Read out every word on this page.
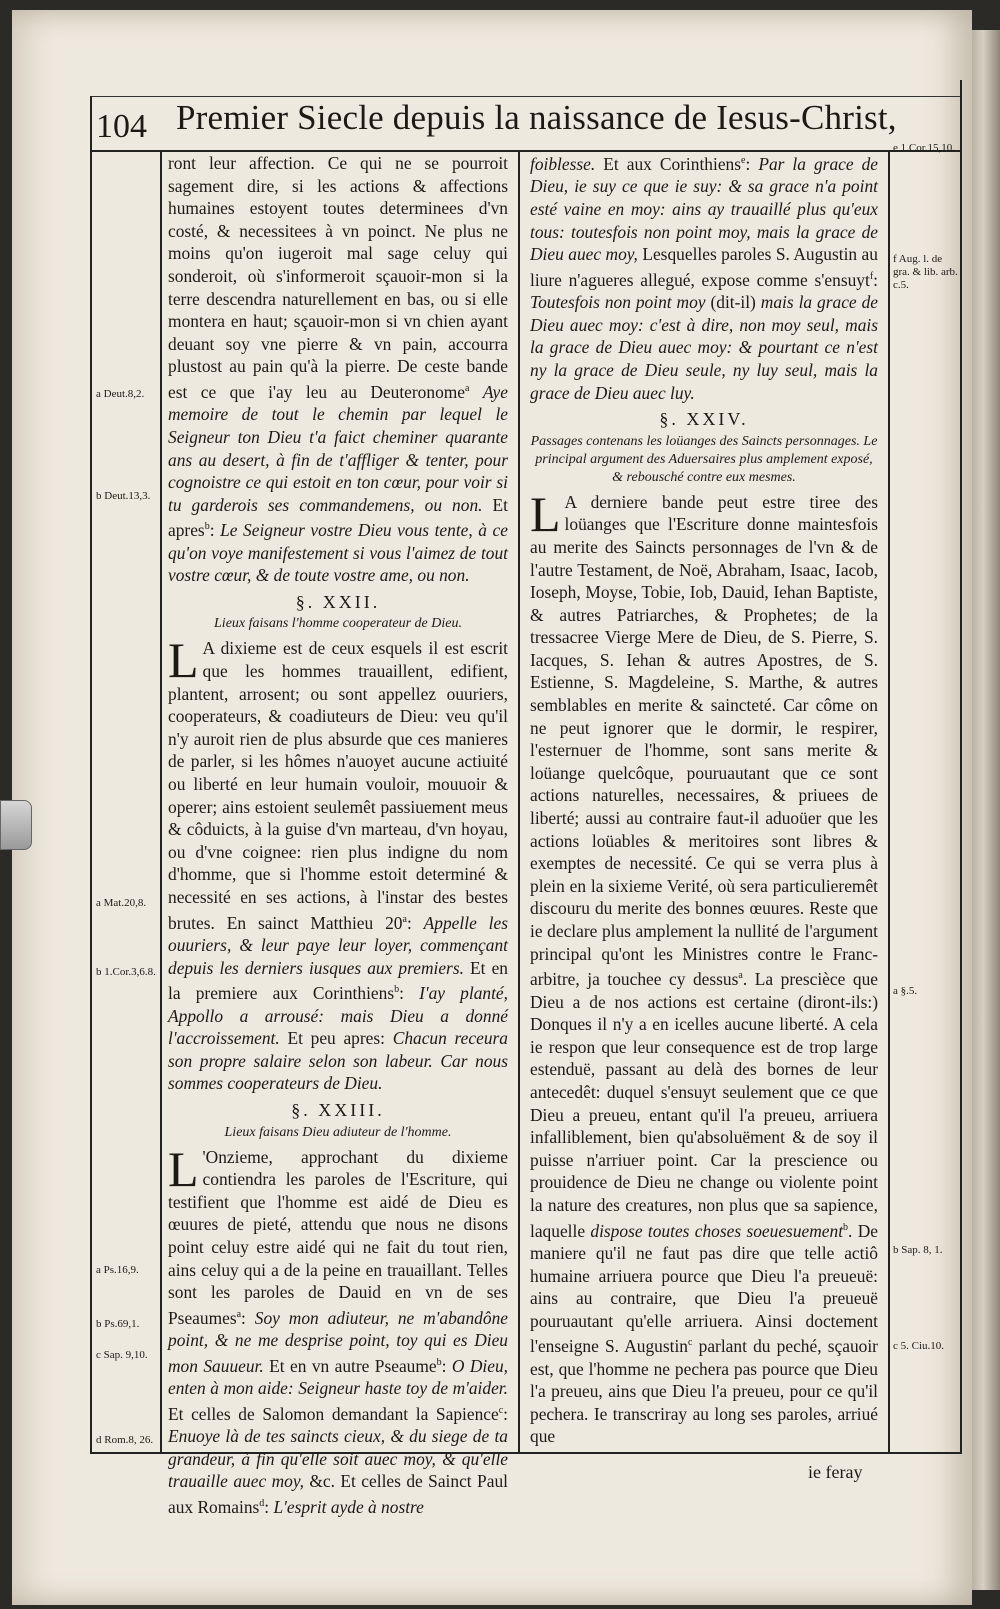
104 Premier Siecle depuis la naissance de Iesus-Christ,

ront leur affection. Ce qui ne se pourroit sagement dire, si les actions & affections humaines estoyent toutes determinees d'vn costé, & necessitees à vn poinct. Ne plus ne moins qu'on iugeroit mal sage celuy qui sonderoit, où s'informeroit sçauoir-mon si la terre descendra naturellement en bas, ou si elle montera en haut; sçauoir-mon si vn chien ayant deuant soy vne pierre & vn pain, accourra plustost au pain qu'à la pierre. De ceste bande est ce que i'ay leu au Deuteronome$^a$ Aye memoire de tout le chemin par lequel le Seigneur ton Dieu t'a faict cheminer quarante ans au desert, à fin de t'affliger & tenter, pour cognoistre ce qui estoit en ton cœur, pour voir si tu garderois ses commandemens, ou non. Et apres$^b$: Le Seigneur vostre Dieu vous tente, à ce qu'on voye manifestement si vous l'aimez de tout vostre cœur, & de toute vostre ame, ou non.

§. XXII.
Lieux faisans l'homme cooperateur de Dieu.

L A dixieme est de ceux esquels il est escrit que les hommes trauaillent, edifient, plantent, arrosent; ou sont appellez ouuriers, cooperateurs, & coadiuteurs de Dieu: veu qu'il n'y auroit rien de plus absurde que ces manieres de parler, si les hômes n'auoyet aucune actiuité ou liberté en leur humain vouloir, mouuoir & operer; ains estoient seulemêt passiuement meus & côduicts, à la guise d'vn marteau, d'vn hoyau, ou d'vne coignee: rien plus indigne du nom d'homme, que si l'homme estoit determiné & necessité en ses actions, à l'instar des bestes brutes. En sainct Matthieu 20$^a$: Appelle les ouuriers, & leur paye leur loyer, commençant depuis les derniers iusques aux premiers. Et en la premiere aux Corinthiens$^b$: I'ay planté, Appollo a arrousé: mais Dieu a donné l'accroissement. Et peu apres: Chacun receura son propre salaire selon son labeur. Car nous sommes cooperateurs de Dieu.

§. XXIII.
Lieux faisans Dieu adiuteur de l'homme.

L 'Onzieme, approchant du dixieme contiendra les paroles de l'Escriture, qui testifient que l'homme est aidé de Dieu es œuures de pieté, attendu que nous ne disons point celuy estre aidé qui ne fait du tout rien, ains celuy qui a de la peine en trauaillant. Telles sont les paroles de Dauid en vn de ses Pseaumes$^a$: Soy mon adiuteur, ne m'abandône point, & ne me desprise point, toy qui es Dieu mon Sauueur. Et en vn autre Pseaume$^b$: O Dieu, enten à mon aide: Seigneur haste toy de m'aider. Et celles de Salomon demandant la Sapience$^c$: Enuoye là de tes saincts cieux, & du siege de ta grandeur, à fin qu'elle soit auec moy, & qu'elle trauaille auec moy, &c. Et celles de Sainct Paul aux Romains$^d$: L'esprit ayde à nostre

foiblesse. Et aux Corinthiens$^e$: Par la grace de Dieu, ie suy ce que ie suy: & sa grace n'a point esté vaine en moy: ains ay trauaillé plus qu'eux tous: toutesfois non point moy, mais la grace de Dieu auec moy, Lesquelles paroles S. Augustin au liure n'agueres allegué, expose comme s'ensuyt$^f$: Toutesfois non point moy (dit-il) mais la grace de Dieu auec moy: c'est à dire, non moy seul, mais la grace de Dieu auec moy: & pourtant ce n'est ny la grace de Dieu seule, ny luy seul, mais la grace de Dieu auec luy.

§. XXIV.
Passages contenans les loüanges des Saincts personnages. Le principal argument des Aduersaires plus amplement exposé, & rebousché contre eux mesmes.

L A derniere bande peut estre tiree des loüanges que l'Escriture donne maintesfois au merite des Saincts personnages de l'vn & de l'autre Testament, de Noë, Abraham, Isaac, Iacob, Ioseph, Moyse, Tobie, Iob, Dauid, Iehan Baptiste, & autres Patriarches, & Prophetes; de la tressacree Vierge Mere de Dieu, de S. Pierre, S. Iacques, S. Iehan & autres Apostres, de S. Estienne, S. Magdeleine, S. Marthe, & autres semblables en merite & saincteté. Car côme on ne peut ignorer que le dormir, le respirer, l'esternuer de l'homme, sont sans merite & loüange quelcôque, pouruautant que ce sont actions naturelles, necessaires, & priuees de liberté; aussi au contraire faut-il aduoüer que les actions loüables & meritoires sont libres & exemptes de necessité. Ce qui se verra plus à plein en la sixieme Verité, où sera particulieremêt discouru du merite des bonnes œuures. Reste que ie declare plus amplement la nullité de l'argument principal qu'ont les Ministres contre le Franc-arbitre, ja touchee cy dessus$^a$. La prescièce que Dieu a de nos actions est certaine (diront-ils:) Donques il n'y a en icelles aucune liberté. A cela ie respon que leur consequence est de trop large estenduë, passant au delà des bornes de leur antecedêt: duquel s'ensuyt seulement que ce que Dieu a preueu, entant qu'il l'a preueu, arriuera infalliblement, bien qu'absoluëment & de soy il puisse n'arriuer point. Car la prescience ou prouidence de Dieu ne change ou violente point la nature des creatures, non plus que sa sapience, laquelle dispose toutes choses soeuesuement$^b$. De maniere qu'il ne faut pas dire que telle actiô humaine arriuera pource que Dieu l'a preueuë: ains au contraire, que Dieu l'a preueuë pouruautant qu'elle arriuera. Ainsi doctement l'enseigne S. Augustin$^c$ parlant du peché, sçauoir est, que l'homme ne pechera pas pource que Dieu l'a preueu, ains que Dieu l'a preueu, pour ce qu'il pechera. Ie transcriray au long ses paroles, arriué que

a Deut.8,2.
b Deut.13,3.
a Mat.20,8.
b 1.Cor.3,6.8.
a Ps.16,9.
b Ps.69,1.
c Sap. 9,10.
d Rom.8, 26.
e 1.Cor.15,10.
f Aug. l. de
gra. & lib. arb.
c.5.
a §.5.
b Sap. 8, 1.
c 5. Ciu.10.
ie feray
